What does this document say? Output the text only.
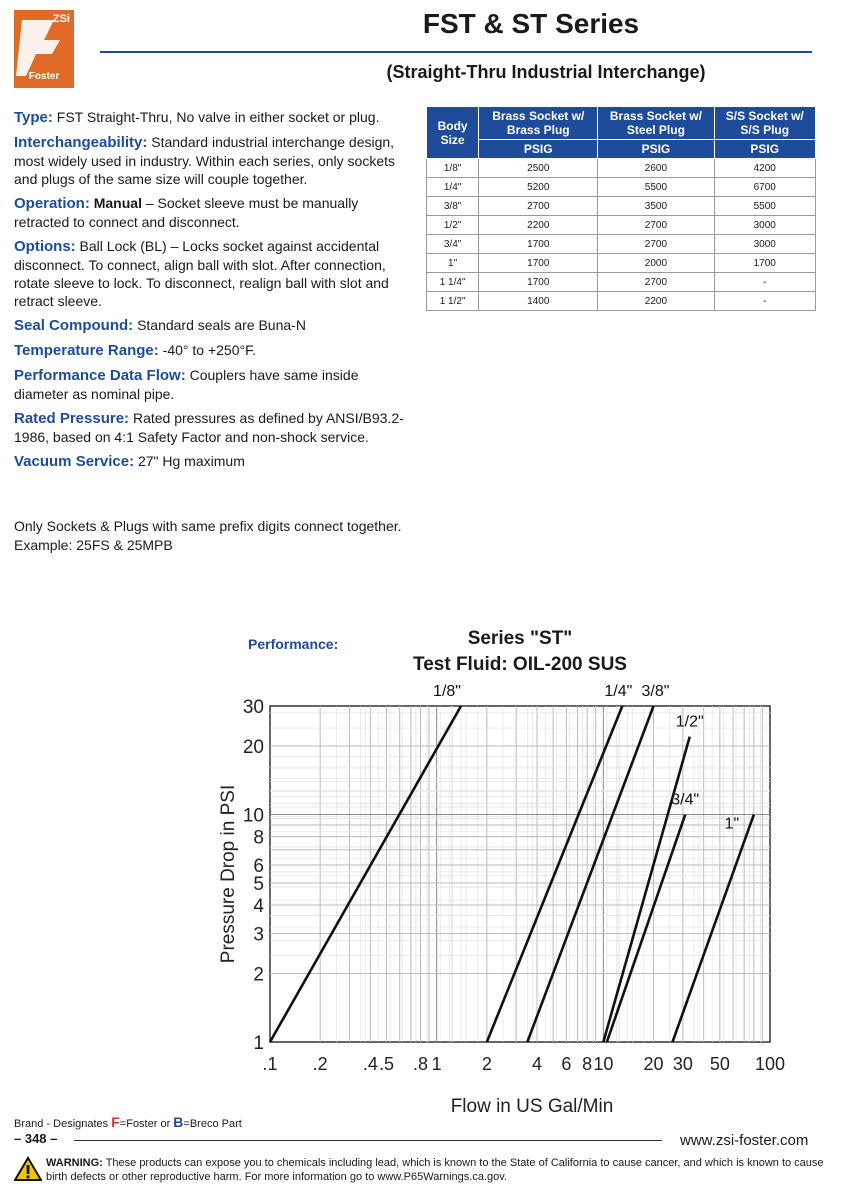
ZSi
Foster
FST & ST Series
(Straight-Thru Industrial Interchange)

Type: FST Straight-Thru, No valve in either socket or plug.

Interchangeability: Standard industrial interchange design, most widely used in industry. Within each series, only sockets and plugs of the same size will couple together.

Operation: Manual – Socket sleeve must be manually retracted to connect and disconnect.

Options: Ball Lock (BL) – Locks socket against accidental disconnect. To connect, align ball with slot. After connection, rotate sleeve to lock. To disconnect, realign ball with slot and retract sleeve.

Seal Compound: Standard seals are Buna-N

Temperature Range: -40° to +250°F.

Performance Data Flow: Couplers have same inside diameter as nominal pipe.

Rated Pressure: Rated pressures as defined by ANSI/B93.2-1986, based on 4:1 Safety Factor and non-shock service.

Vacuum Service: 27" Hg maximum

Only Sockets & Plugs with same prefix digits connect together.
Example: 25FS & 25MPB
Body Size	Brass Socket w/ Brass Plug	Brass Socket w/ Steel Plug	S/S Socket w/ S/S Plug
	PSIG	PSIG	PSIG
1/8"	2500	2600	4200
1/4"	5200	5500	6700
3/8"	2700	3500	5500
1/2"	2200	2700	3000
3/4"	1700	2700	3000
1"	1700	2000	1700
1 1/4"	1700	2700	-
1 1/2"	1400	2200	-
Performance:	Series "ST"
Test Fluid: OIL-200 SUS
.1 .2 .4 .5 .8 1 2 4 6 8 10 20 30 50 100
1
2
3
4
5
6
8
10
20
30
Flow in US Gal/Min
Pressure Drop in PSI
1/8"	1/4" 3/8"
1/2"
3/4"
1"
Brand - Designates F=Foster or B=Breco Part
– 348 –	www.zsi-foster.com
WARNING: These products can expose you to chemicals including lead, which is known to the State of California to cause cancer, and which is known to cause birth defects or other reproductive harm. For more information go to www.P65Warnings.ca.gov.
